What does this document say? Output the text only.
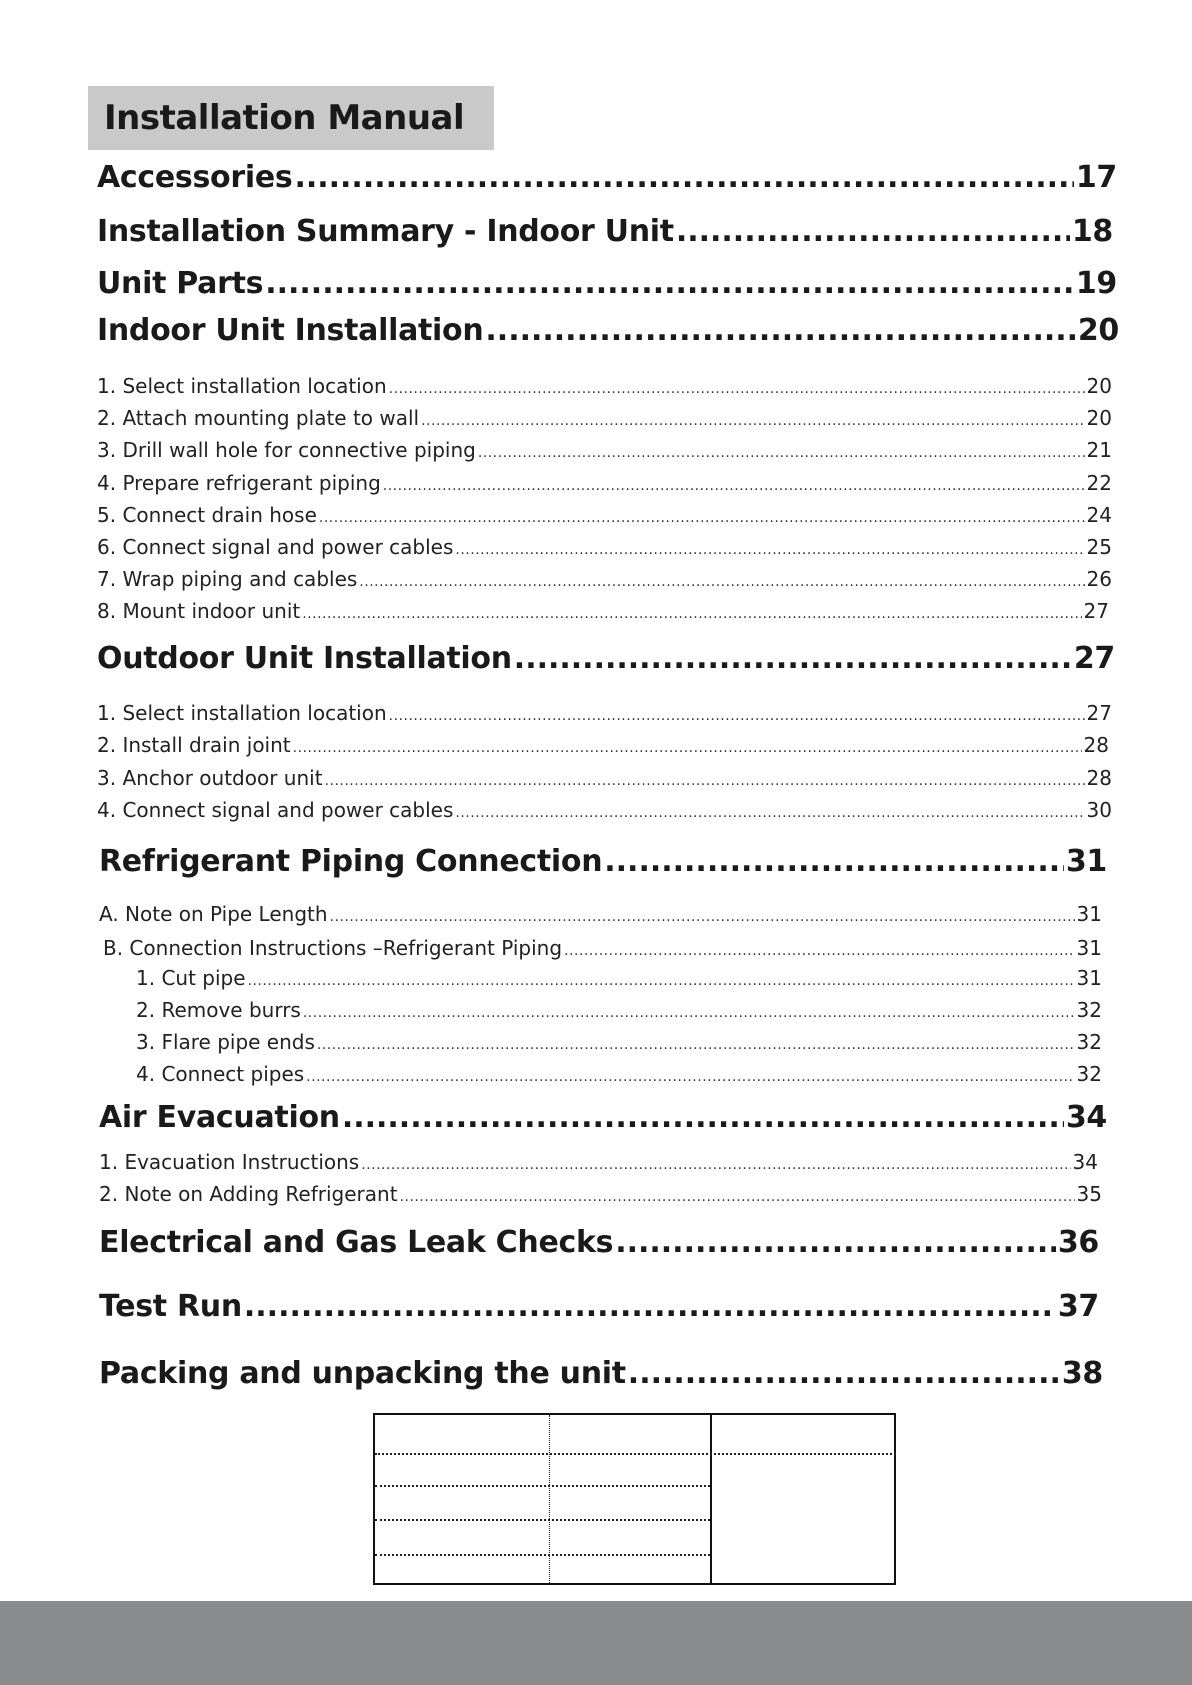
Installation Manual
Accessories .....	17
Installation Summary - Indoor Unit .....	18
Unit Parts .....	19
Indoor Unit Installation .....	20
1. Select installation location .....	20
2. Attach mounting plate to wall .....	20
3. Drill wall hole for connective piping .....	21
4. Prepare refrigerant piping .....	22
5. Connect drain hose .....	24
6. Connect signal and power cables .....	25
7. Wrap piping and cables .....	26
8. Mount indoor unit .....	27
Outdoor Unit Installation .....	27
1. Select installation location .....	27
2. Install drain joint .....	28
3. Anchor outdoor unit .....	28
4. Connect signal and power cables .....	30
Refrigerant Piping Connection .....	31
A. Note on Pipe Length .....	31
B. Connection Instructions –Refrigerant Piping .....	31
1. Cut pipe .....	31
2. Remove burrs .....	32
3. Flare pipe ends .....	32
4. Connect pipes .....	32
Air Evacuation .....	34
1. Evacuation Instructions .....	34
2. Note on Adding Refrigerant .....	35
Electrical and Gas Leak Checks .....	36
Test Run .....	37
Packing and unpacking the unit .....	38
